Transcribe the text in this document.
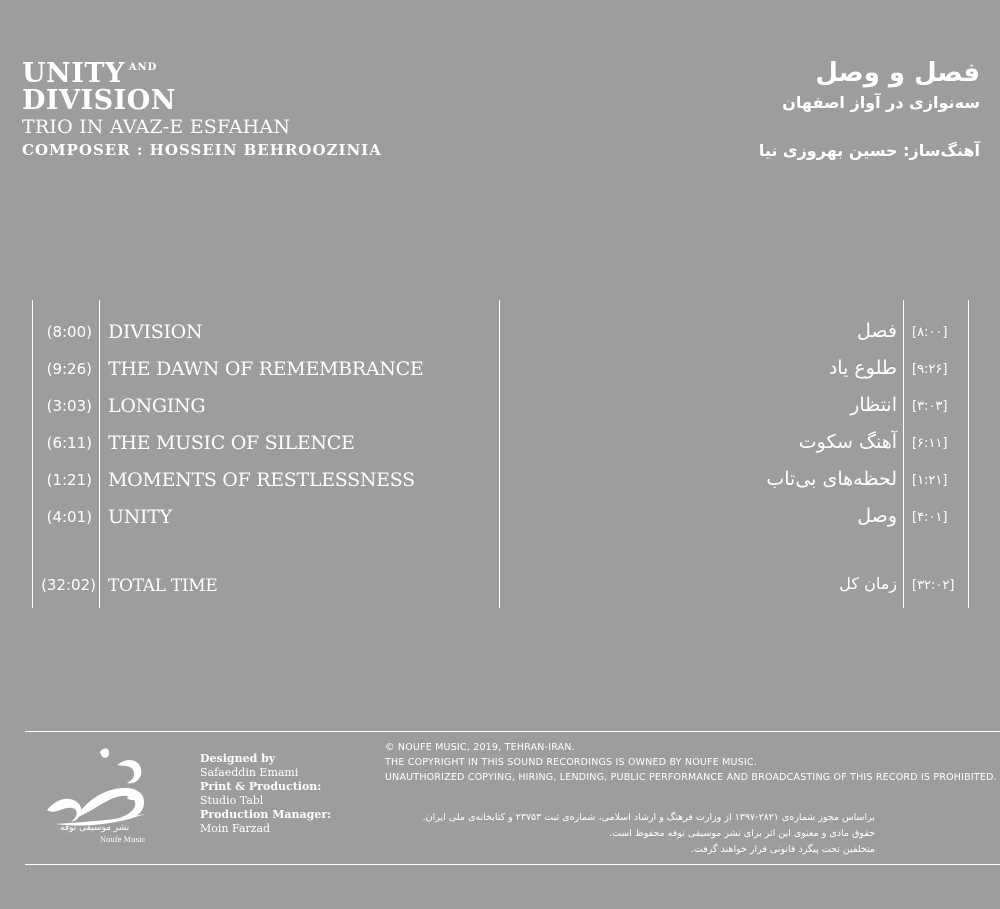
UNITY $^{AND}$
DIVISION
TRIO IN AVAZ-E ESFAHAN
COMPOSER : HOSSEIN BEHROOZINIA
فصل و وصل
سه‌نوازی در آواز اصفهان
آهنگ‌ساز: حسین بهروزی نیا
(8:00) DIVISION	فصل [۸:۰۰]
(9:26) THE DAWN OF REMEMBRANCE	طلوع یاد [۹:۲۶]
(3:03) LONGING	انتظار [۳:۰۳]
(6:11) THE MUSIC OF SILENCE	آهنگ سکوت [۶:۱۱]
(1:21) MOMENTS OF RESTLESSNESS	لحظه‌های بی‌تاب [۱:۲۱]
(4:01) UNITY	وصل [۴:۰۱]
(32:02) TOTAL TIME	زمان کل [۳۲:۰۲]
نشر موسیقی نوفه
Noufe Music
Designed by
Safaeddin Emami
Print & Production:
Studio Tabl
Production Manager:
Moin Farzad
© NOUFE MUSIC, 2019, TEHRAN-IRAN.
THE COPYRIGHT IN THIS SOUND RECORDINGS IS OWNED BY NOUFE MUSIC.
UNAUTHORIZED COPYING, HIRING, LENDING, PUBLIC PERFORMANCE AND BROADCASTING OF THIS RECORD IS PROHIBITED.
براساس مجوز شماره‌ی ۲۸۲۱-۱۳۹۷ از وزارت فرهنگ و ارشاد اسلامی، شماره‌ی ثبت ۲۳۷۵۳ و کتابخانه‌ی ملی ایران.
حقوق مادی و معنوی این اثر برای نشر موسیقی نوفه محفوظ است.
متخلفین تحت پیگرد قانونی قرار خواهند گرفت.
